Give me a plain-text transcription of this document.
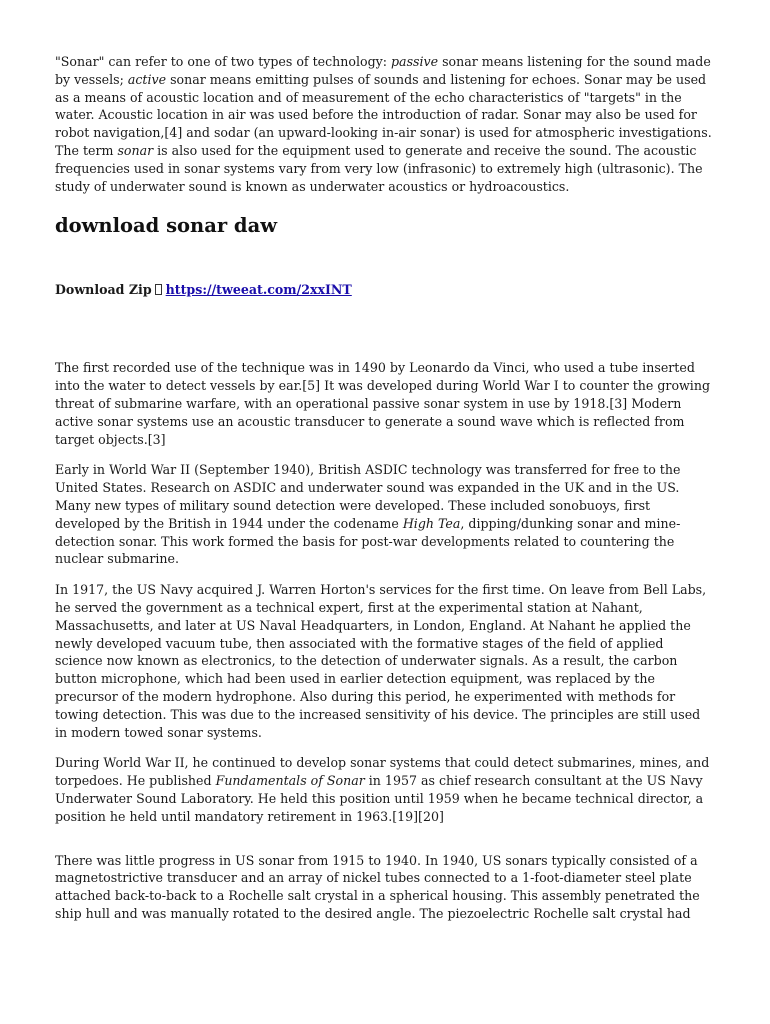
"Sonar" can refer to one of two types of technology: passive sonar means listening for the sound made by vessels; active sonar means emitting pulses of sounds and listening for echoes. Sonar may be used as a means of acoustic location and of measurement of the echo characteristics of "targets" in the water. Acoustic location in air was used before the introduction of radar. Sonar may also be used for robot navigation,[4] and sodar (an upward-looking in-air sonar) is used for atmospheric investigations. The term sonar is also used for the equipment used to generate and receive the sound. The acoustic frequencies used in sonar systems vary from very low (infrasonic) to extremely high (ultrasonic). The study of underwater sound is known as underwater acoustics or hydroacoustics.

download sonar daw
Download Zip https://tweeat.com/2xxINT

The first recorded use of the technique was in 1490 by Leonardo da Vinci, who used a tube inserted into the water to detect vessels by ear.[5] It was developed during World War I to counter the growing threat of submarine warfare, with an operational passive sonar system in use by 1918.[3] Modern active sonar systems use an acoustic transducer to generate a sound wave which is reflected from target objects.[3]

Early in World War II (September 1940), British ASDIC technology was transferred for free to the United States. Research on ASDIC and underwater sound was expanded in the UK and in the US. Many new types of military sound detection were developed. These included sonobuoys, first developed by the British in 1944 under the codename High Tea, dipping/dunking sonar and mine-detection sonar. This work formed the basis for post-war developments related to countering the nuclear submarine.

In 1917, the US Navy acquired J. Warren Horton's services for the first time. On leave from Bell Labs, he served the government as a technical expert, first at the experimental station at Nahant, Massachusetts, and later at US Naval Headquarters, in London, England. At Nahant he applied the newly developed vacuum tube, then associated with the formative stages of the field of applied science now known as electronics, to the detection of underwater signals. As a result, the carbon button microphone, which had been used in earlier detection equipment, was replaced by the precursor of the modern hydrophone. Also during this period, he experimented with methods for towing detection. This was due to the increased sensitivity of his device. The principles are still used in modern towed sonar systems.

During World War II, he continued to develop sonar systems that could detect submarines, mines, and torpedoes. He published Fundamentals of Sonar in 1957 as chief research consultant at the US Navy Underwater Sound Laboratory. He held this position until 1959 when he became technical director, a position he held until mandatory retirement in 1963.[19][20]

There was little progress in US sonar from 1915 to 1940. In 1940, US sonars typically consisted of a magnetostrictive transducer and an array of nickel tubes connected to a 1-foot-diameter steel plate attached back-to-back to a Rochelle salt crystal in a spherical housing. This assembly penetrated the ship hull and was manually rotated to the desired angle. The piezoelectric Rochelle salt crystal had
